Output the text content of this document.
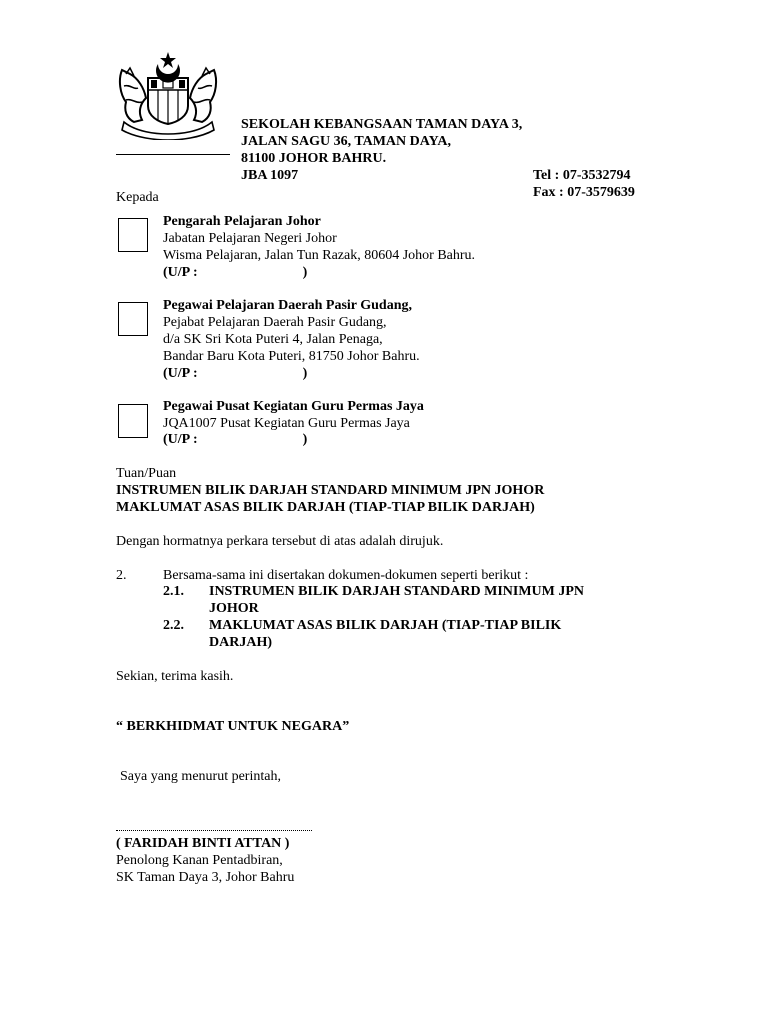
SEKOLAH KEBANGSAAN TAMAN DAYA 3,
JALAN SAGU 36, TAMAN DAYA,
81100 JOHOR BAHRU.
JBA 1097	Tel : 07-3532794
Fax : 07-3579639
Kepada
Pengarah Pelajaran Johor
Jabatan Pelajaran Negeri Johor
Wisma Pelajaran, Jalan Tun Razak, 80604 Johor Bahru.
(U/P :                              )
Pegawai Pelajaran Daerah Pasir Gudang,
Pejabat Pelajaran Daerah Pasir Gudang,
d/a SK Sri Kota Puteri 4, Jalan Penaga,
Bandar Baru Kota Puteri, 81750 Johor Bahru.
(U/P :                              )
Pegawai Pusat Kegiatan Guru Permas Jaya
JQA1007 Pusat Kegiatan Guru Permas Jaya
(U/P :                              )
Tuan/Puan
INSTRUMEN BILIK DARJAH STANDARD MINIMUM JPN JOHOR
MAKLUMAT ASAS BILIK DARJAH (TIAP-TIAP BILIK DARJAH)
Dengan hormatnya perkara tersebut di atas adalah dirujuk.
2.	Bersama-sama ini disertakan dokumen-dokumen seperti berikut :
2.1. INSTRUMEN BILIK DARJAH STANDARD MINIMUM JPN
JOHOR
2.2. MAKLUMAT ASAS BILIK DARJAH (TIAP-TIAP BILIK
DARJAH)
Sekian, terima kasih.
“ BERKHIDMAT UNTUK NEGARA”
Saya yang menurut perintah,
( FARIDAH BINTI ATTAN )
Penolong Kanan Pentadbiran,
SK Taman Daya 3, Johor Bahru
